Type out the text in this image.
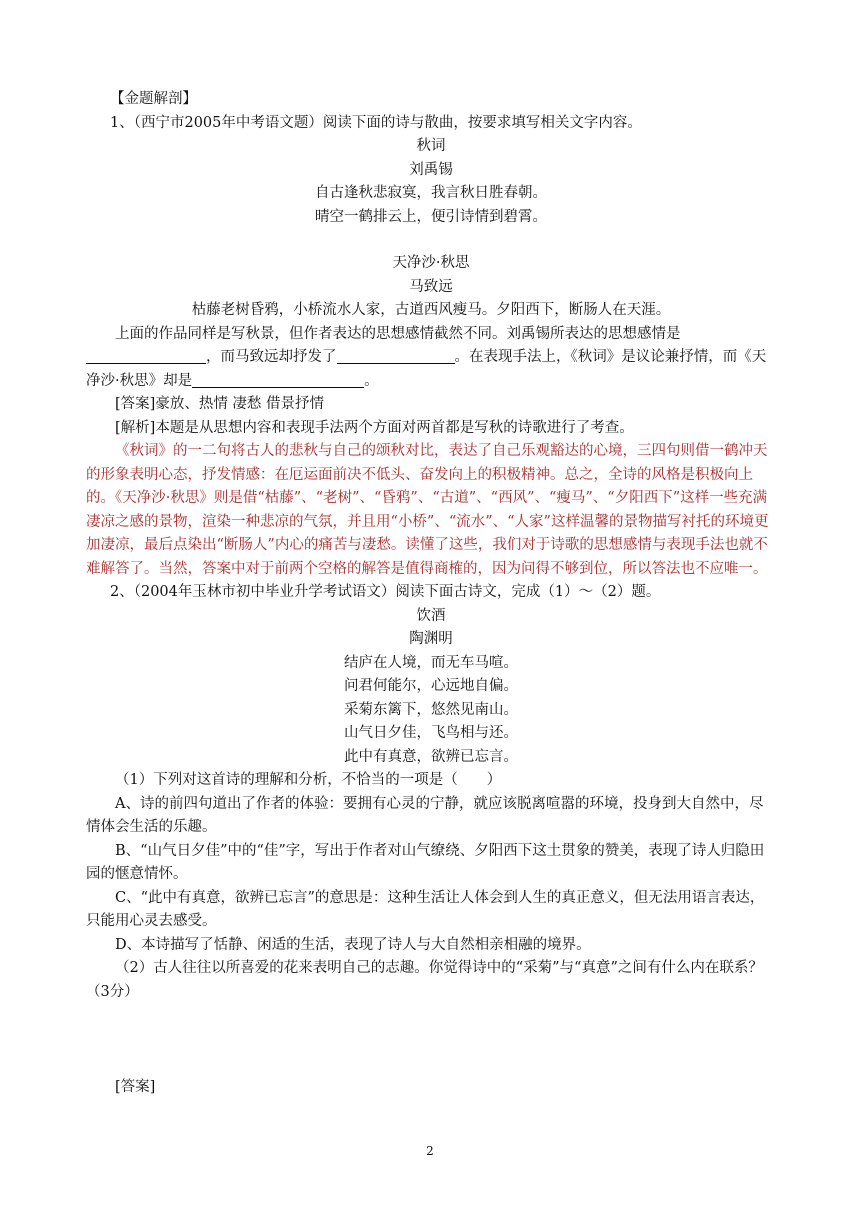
【金题解剖】

1、（西宁市2005年中考语文题）阅读下面的诗与散曲，按要求填写相关文字内容。

秋词

刘禹锡

自古逢秋悲寂寞，我言秋日胜春朝。

晴空一鹤排云上，便引诗情到碧霄。

天净沙·秋思

马致远

枯藤老树昏鸦，小桥流水人家，古道西风瘦马。夕阳西下，断肠人在天涯。

上面的作品同样是写秋景，但作者表达的思想感情截然不同。刘禹锡所表达的思想感情是，而马致远却抒发了	。在表现手法上，《秋词》是议论兼抒情，而《天净沙·秋思》却是	。

[答案]豪放、热情 凄愁 借景抒情

[解析]本题是从思想内容和表现手法两个方面对两首都是写秋的诗歌进行了考查。

《秋词》的一二句将古人的悲秋与自己的颂秋对比，表达了自己乐观豁达的心境，三四句则借一鹤冲天的形象表明心态，抒发情感：在厄运面前决不低头、奋发向上的积极精神。总之，全诗的风格是积极向上的。《天净沙·秋思》则是借“枯藤”、“老树”、“昏鸦”、“古道”、“西风”、“瘦马”、“夕阳西下”这样一些充满凄凉之感的景物，渲染一种悲凉的气氛，并且用“小桥”、“流水”、“人家”这样温馨的景物描写衬托的环境更加凄凉，最后点染出“断肠人”内心的痛苦与凄愁。读懂了这些，我们对于诗歌的思想感情与表现手法也就不难解答了。当然，答案中对于前两个空格的解答是值得商榷的，因为问得不够到位，所以答法也不应唯一。

2、（2004年玉林市初中毕业升学考试语文）阅读下面古诗文，完成（1）～（2）题。

饮酒

陶渊明

结庐在人境，而无车马喧。

问君何能尔，心远地自偏。

采菊东篱下，悠然见南山。

山气日夕佳，飞鸟相与还。

此中有真意，欲辨已忘言。

（1）下列对这首诗的理解和分析，不恰当的一项是（　　）

A、诗的前四句道出了作者的体验：要拥有心灵的宁静，就应该脱离喧嚣的环境，投身到大自然中，尽情体会生活的乐趣。

B、“山气日夕佳”中的“佳”字，写出于作者对山气缭绕、夕阳西下这土贯象的赞美，表现了诗人归隐田园的惬意情怀。

C、“此中有真意，欲辨已忘言”的意思是：这种生活让人体会到人生的真正意义，但无法用语言表达，只能用心灵去感受。

D、本诗描写了恬静、闲适的生活，表现了诗人与大自然相亲相融的境界。

（2）古人往往以所喜爱的花来表明自己的志趣。你觉得诗中的“采菊”与“真意”之间有什么内在联系？（3分）

[答案]

2
